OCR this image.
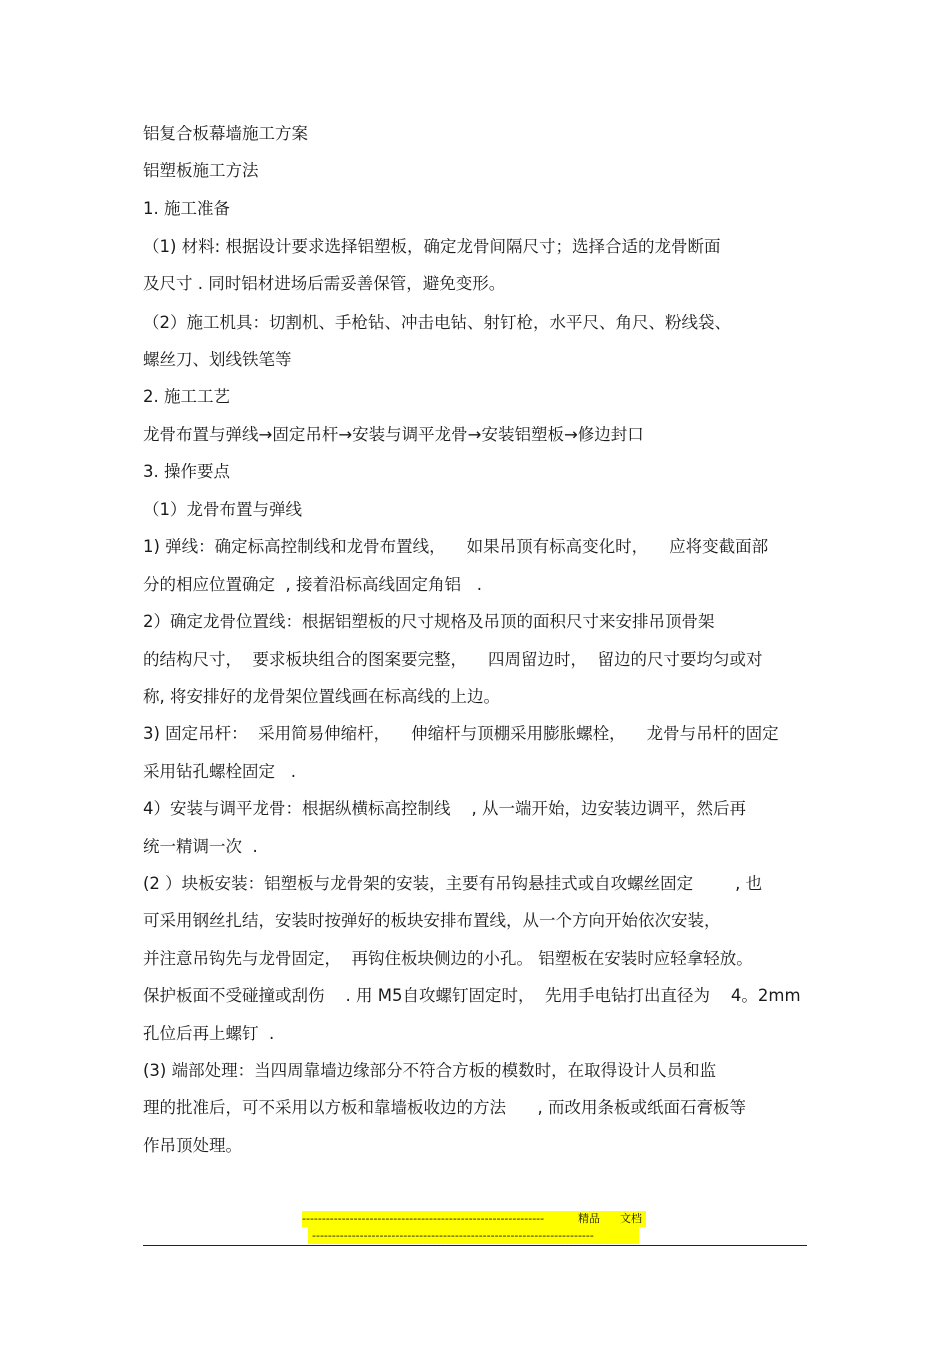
铝复合板幕墙施工方案
铝塑板施工方法
1. 施工准备
（1) 材料: 根据设计要求选择铝塑板，确定龙骨间隔尺寸；选择合适的龙骨断面
及尺寸 . 同时铝材进场后需妥善保管，避免变形。
（2）施工机具：切割机、手枪钻、冲击电钻、射钉枪，水平尺、角尺、粉线袋、
螺丝刀、划线铁笔等
2. 施工工艺
龙骨布置与弹线→固定吊杆→安装与调平龙骨→安装铝塑板→修边封口
3. 操作要点
（1）龙骨布置与弹线
1) 弹线：确定标高控制线和龙骨布置线，    如果吊顶有标高变化时，    应将变截面部
分的相应位置确定  , 接着沿标高线固定角铝   .
2）确定龙骨位置线：根据铝塑板的尺寸规格及吊顶的面积尺寸来安排吊顶骨架
的结构尺寸，  要求板块组合的图案要完整，    四周留边时，  留边的尺寸要均匀或对
称, 将安排好的龙骨架位置线画在标高线的上边。
3) 固定吊杆：  采用简易伸缩杆，    伸缩杆与顶棚采用膨胀螺栓，    龙骨与吊杆的固定
采用钻孔螺栓固定   .
4）安装与调平龙骨：根据纵横标高控制线    , 从一端开始，边安装边调平，然后再
统一精调一次  .
(2 ）块板安装：铝塑板与龙骨架的安装，主要有吊钩悬挂式或自攻螺丝固定        , 也
可采用钢丝扎结，安装时按弹好的板块安排布置线，从一个方向开始依次安装，
并注意吊钩先与龙骨固定，  再钩住板块侧边的小孔。 铝塑板在安装时应轻拿轻放。
保护板面不受碰撞或刮伤    . 用 M5自攻螺钉固定时，  先用手电钻打出直径为    4。2mm
孔位后再上螺钉  .
(3) 端部处理：当四周靠墙边缘部分不符合方板的模数时，在取得设计人员和监
理的批准后，可不采用以方板和靠墙板收边的方法      , 而改用条板或纸面石膏板等
作吊顶处理。

-------------------------------------------------------------

	精品

文档

-----------------------------------------------------------------------
